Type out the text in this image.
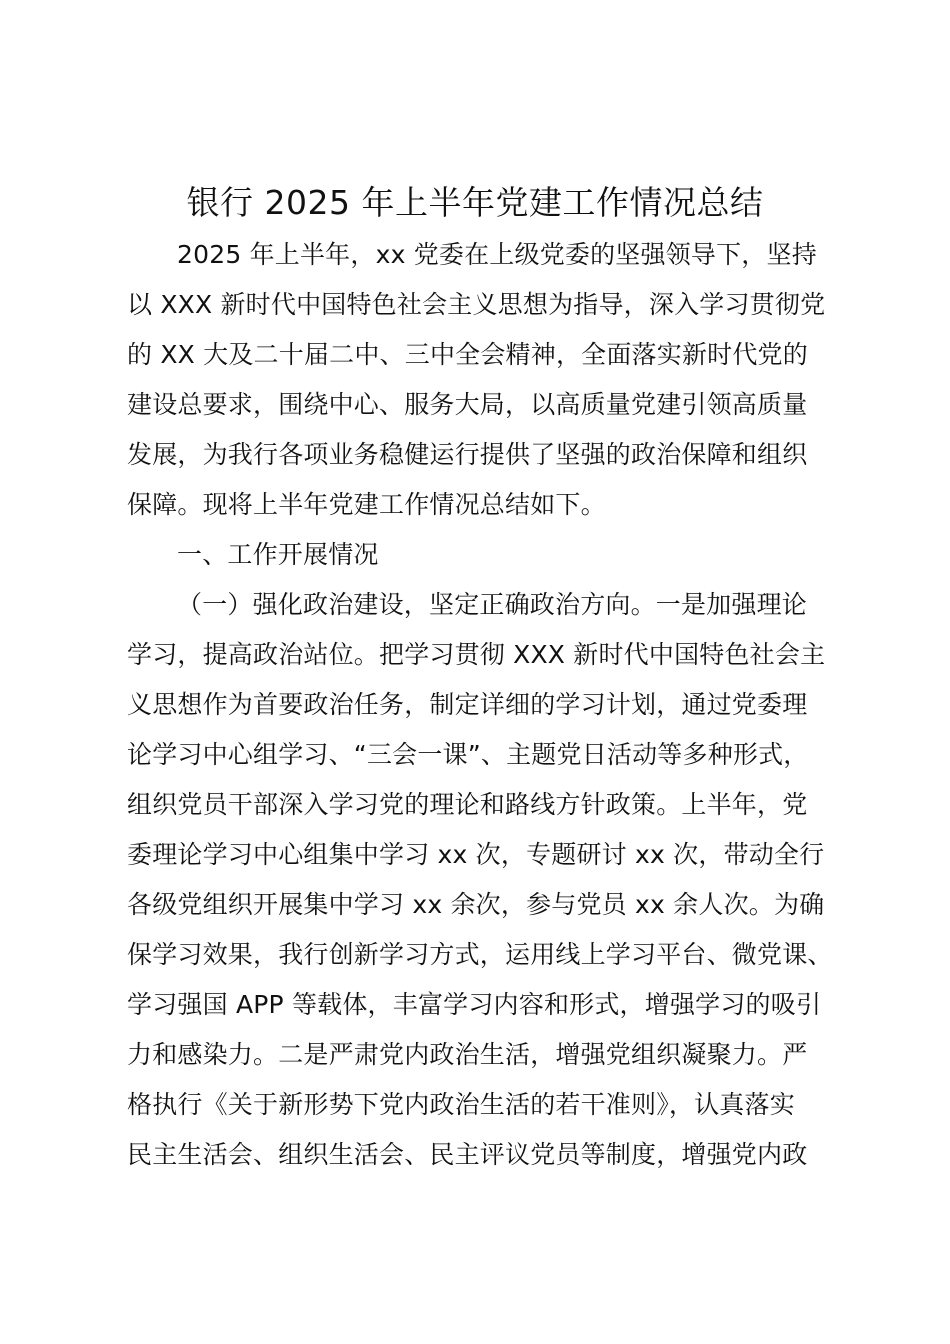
银行 2025 年上半年党建工作情况总结
2025 年上半年，xx 党委在上级党委的坚强领导下，坚持
以 XXX 新时代中国特色社会主义思想为指导，深入学习贯彻党
的 XX 大及二十届二中、三中全会精神，全面落实新时代党的
建设总要求，围绕中心、服务大局，以高质量党建引领高质量
发展，为我行各项业务稳健运行提供了坚强的政治保障和组织
保障。现将上半年党建工作情况总结如下。
一、工作开展情况
（一）强化政治建设，坚定正确政治方向。一是加强理论
学习，提高政治站位。把学习贯彻 XXX 新时代中国特色社会主
义思想作为首要政治任务，制定详细的学习计划，通过党委理
论学习中心组学习、“三会一课”、主题党日活动等多种形式，
组织党员干部深入学习党的理论和路线方针政策。上半年，党
委理论学习中心组集中学习 xx 次，专题研讨 xx 次，带动全行
各级党组织开展集中学习 xx 余次，参与党员 xx 余人次。为确
保学习效果，我行创新学习方式，运用线上学习平台、微党课、
学习强国 APP 等载体，丰富学习内容和形式，增强学习的吸引
力和感染力。二是严肃党内政治生活，增强党组织凝聚力。严
格执行《关于新形势下党内政治生活的若干准则》，认真落实
民主生活会、组织生活会、民主评议党员等制度，增强党内政
